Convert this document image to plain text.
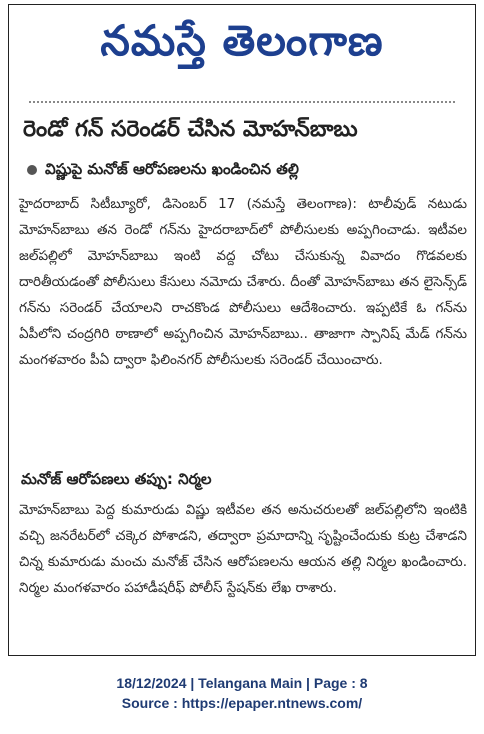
నమస్తే తెలంగాణ
రెండో గన్ సరెండర్ చేసిన మోహన్‌బాబు
విష్ణుపై మనోజ్ ఆరోపణలను ఖండించిన తల్లి
హైదరాబాద్ సిటీబ్యూరో, డిసెంబర్ 17 (నమస్తే తెలంగాణ): టాలీవుడ్ నటుడు మోహన్‌బాబు తన రెండో గన్‌ను హైదరాబాద్‌లో పోలీసులకు అప్పగించాడు. ఇటీవల జల్‌పల్లిలో మోహన్‌బాబు ఇంటి వద్ద చోటు చేసుకున్న వివాదం గొడవలకు దారితీయడంతో పోలీసులు కేసులు నమోదు చేశారు. దీంతో మోహన్‌బాబు తన లైసెన్స్‌డ్ గన్‌ను సరెండర్ చేయాలని రాచకొండ పోలీసులు ఆదేశించారు. ఇప్పటికే ఓ గన్‌ను ఏపీలోని చంద్రగిరి ఠాణాలో అప్పగించిన మోహన్‌బాబు.. తాజాగా స్పానిష్ మేడ్ గన్‌ను మంగళవారం పీఏ ద్వారా ఫిలింనగర్ పోలీసులకు సరెండర్ చేయించారు.
మనోజ్ ఆరోపణలు తప్పు: నిర్మల
మోహన్‌బాబు పెద్ద కుమారుడు విష్ణు ఇటీవల తన అనుచరులతో జల్‌పల్లిలోని ఇంటికి వచ్చి జనరేటర్‌లో చక్కెర పోశాడని, తద్వారా ప్రమాదాన్ని సృష్టించేందుకు కుట్ర చేశాడని చిన్న కుమారుడు మంచు మనోజ్ చేసిన ఆరోపణలను ఆయన తల్లి నిర్మల ఖండించారు. నిర్మల మంగళవారం పహాడీషరీఫ్ పోలీస్ స్టేషన్‌కు లేఖ రాశారు.
18/12/2024 | Telangana Main | Page : 8
Source : https://epaper.ntnews.com/
